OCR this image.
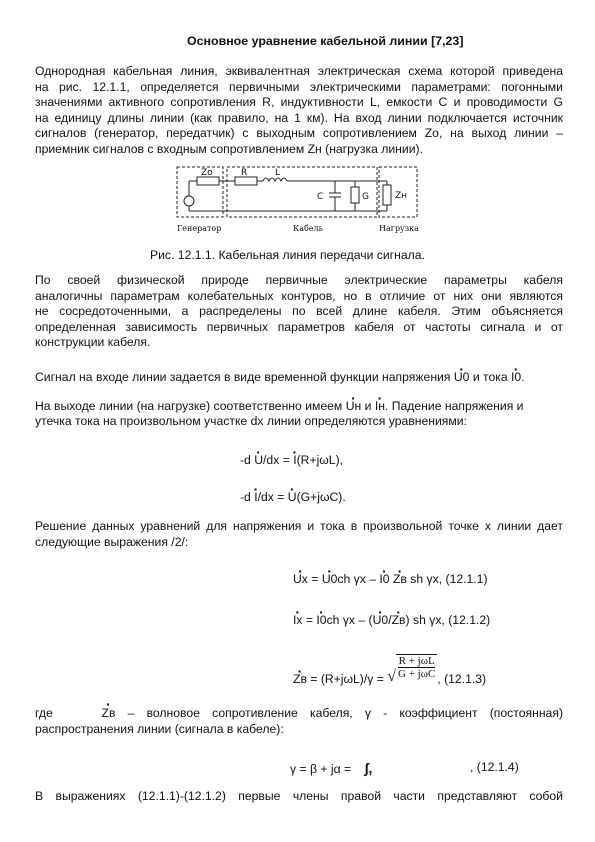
Основное уравнение кабельной линии [7,23]
Однородная кабельная линия, эквивалентная электрическая схема которой приведена
на рис. 12.1.1, определяется первичными электрическими параметрами: погонными
значениями активного сопротивления R, индуктивности L, емкости C и проводимости G
на единицу длины линии (как правило, на 1 км). На вход линии подключается источник
сигналов (генератор, передатчик) с выходным сопротивлением Zo, на выход линии –
приемник сигналов с входным сопротивлением Zн (нагрузка линии).
Zo	R	L
C	G	Zн
Генератор	Кабель	Нагрузка
Рис. 12.1.1. Кабельная линия передачи сигнала.
По своей физической природе первичные электрические параметры кабеля
аналогичны параметрам колебательных контуров, но в отличие от них они являются
не сосредоточенными, а распределены по всей длине кабеля. Этим объясняется
определенная зависимость первичных параметров кабеля от частоты сигнала и от
конструкции кабеля.
Сигнал на входе линии задается в виде временной функции напряжения · U0 и тока · I0.
На выходе линии (на нагрузке) соответственно имеем · Uн и · Iн. Падение напряжения и
утечка тока на произвольном участке dx линии определяются уравнениями:
-d · U/dx = · I(R+jωL),
-d · I/dx = · U(G+jωC).
Решение данных уравнений для напряжения и тока в произвольной точке x линии дает
следующие выражения /2/:
· Ux = · U0ch γx – · I0 · Zв sh γx, (12.1.1)
· Ix = · I0ch γx – (· U0/· Zв) sh γx, (12.1.2)
· Zв = (R+jωL)/γ = √
R + jωL
G + jωC , (12.1.3)
где	· Zв – волновое сопротивление кабеля, γ - коэффициент (постоянная)
распространения линии (сигнала в кабеле):
γ = β + jα = ∫,	, (12.1.4)
В выражениях (12.1.1)-(12.1.2) первые члены правой части представляют собой
